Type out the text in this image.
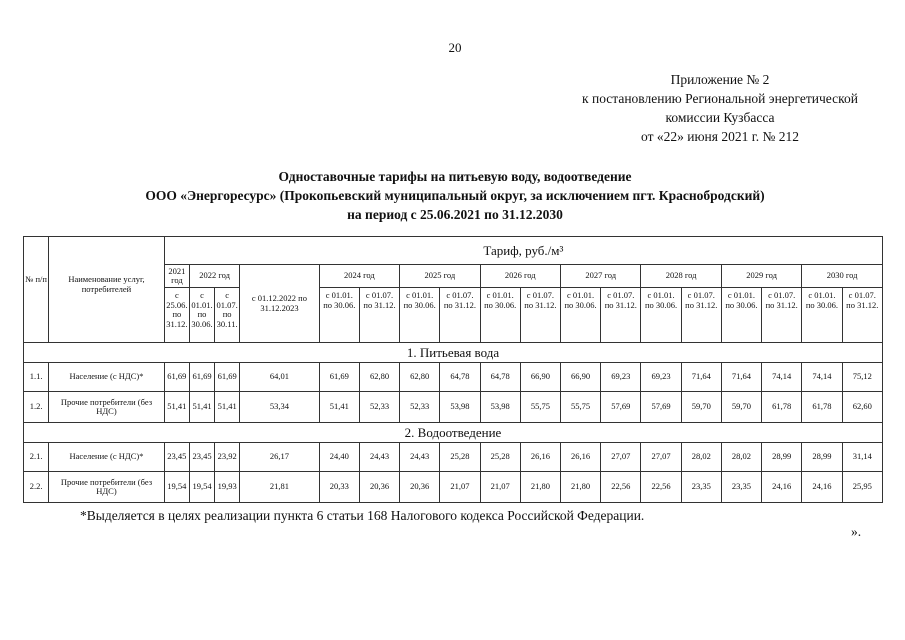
20
Приложение № 2
к постановлению Региональной энергетической
комиссии Кузбасса
от «22» июня 2021 г. № 212
Одноставочные тарифы на питьевую воду, водоотведение
ООО «Энергоресурс» (Прокопьевский муниципальный округ, за исключением пгт. Краснобродский)
на период с 25.06.2021 по 31.12.2030
№ п/п	Наименование услуг, потребителей	Тариф, руб./м³																	
		2021 год	2022 год		с 01.12.2022 по 31.12.2023	2024 год		2025 год		2026 год		2027 год		2028 год		2029 год		2030 год	
		с 25.06. по 31.12.	с 01.01. по 30.06.	с 01.07. по 30.11.		с 01.01. по 30.06.	с 01.07. по 31.12.	с 01.01. по 30.06.	с 01.07. по 31.12.	с 01.01. по 30.06.	с 01.07. по 31.12.	с 01.01. по 30.06.	с 01.07. по 31.12.	с 01.01. по 30.06.	с 01.07. по 31.12.	с 01.01. по 30.06.	с 01.07. по 31.12.	с 01.01. по 30.06.	с 01.07. по 31.12.
1. Питьевая вода																			
1.1.	Население (с НДС)*	61,69	61,69	61,69	64,01	61,69	62,80	62,80	64,78	64,78	66,90	66,90	69,23	69,23	71,64	71,64	74,14	74,14	75,12
1.2.	Прочие потребители (без НДС)	51,41	51,41	51,41	53,34	51,41	52,33	52,33	53,98	53,98	55,75	55,75	57,69	57,69	59,70	59,70	61,78	61,78	62,60
2. Водоотведение																			
2.1.	Население (с НДС)*	23,45	23,45	23,92	26,17	24,40	24,43	24,43	25,28	25,28	26,16	26,16	27,07	27,07	28,02	28,02	28,99	28,99	31,14
2.2.	Прочие потребители (без НДС)	19,54	19,54	19,93	21,81	20,33	20,36	20,36	21,07	21,07	21,80	21,80	22,56	22,56	23,35	23,35	24,16	24,16	25,95
*Выделяется в целях реализации пункта 6 статьи 168 Налогового кодекса Российской Федерации.
».
